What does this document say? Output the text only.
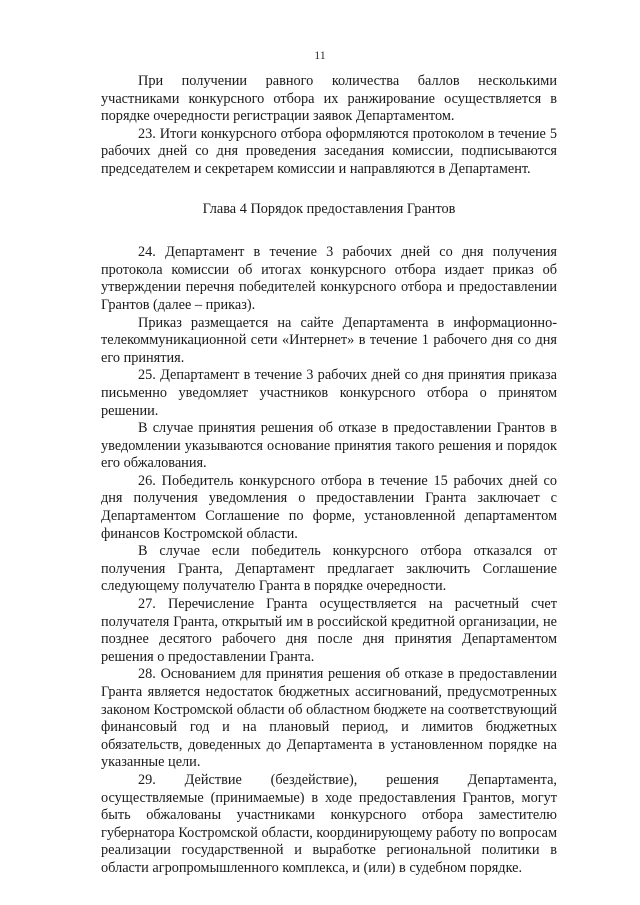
11

При получении равного количества баллов несколькими участниками конкурсного отбора их ранжирование осуществляется в порядке очередности регистрации заявок Департаментом.

23. Итоги конкурсного отбора оформляются протоколом в течение 5 рабочих дней со дня проведения заседания комиссии, подписываются председателем и секретарем комиссии и направляются в Департамент.

Глава 4 Порядок предоставления Грантов

24. Департамент в течение 3 рабочих дней со дня получения протокола комиссии об итогах конкурсного отбора издает приказ об утверждении перечня победителей конкурсного отбора и предоставлении Грантов (далее – приказ).

Приказ размещается на сайте Департамента в информационно-телекоммуникационной сети «Интернет» в течение 1 рабочего дня со дня его принятия.

25. Департамент в течение 3 рабочих дней со дня принятия приказа письменно уведомляет участников конкурсного отбора о принятом решении.

В случае принятия решения об отказе в предоставлении Грантов в уведомлении указываются основание принятия такого решения и порядок его обжалования.

26. Победитель конкурсного отбора в течение 15 рабочих дней со дня получения уведомления о предоставлении Гранта заключает с Департаментом Соглашение по форме, установленной департаментом финансов Костромской области.

В случае если победитель конкурсного отбора отказался от получения Гранта, Департамент предлагает заключить Соглашение следующему получателю Гранта в порядке очередности.

27. Перечисление Гранта осуществляется на расчетный счет получателя Гранта, открытый им в российской кредитной организации, не позднее десятого рабочего дня после дня принятия Департаментом решения о предоставлении Гранта.

28. Основанием для принятия решения об отказе в предоставлении Гранта является недостаток бюджетных ассигнований, предусмотренных законом Костромской области об областном бюджете на соответствующий финансовый год и на плановый период, и лимитов бюджетных обязательств, доведенных до Департамента в установленном порядке на указанные цели.

29. Действие (бездействие), решения Департамента, осуществляемые (принимаемые) в ходе предоставления Грантов, могут быть обжалованы участниками конкурсного отбора заместителю губернатора Костромской области, координирующему работу по вопросам реализации государственной и выработке региональной политики в области агропромышленного комплекса, и (или) в судебном порядке.
